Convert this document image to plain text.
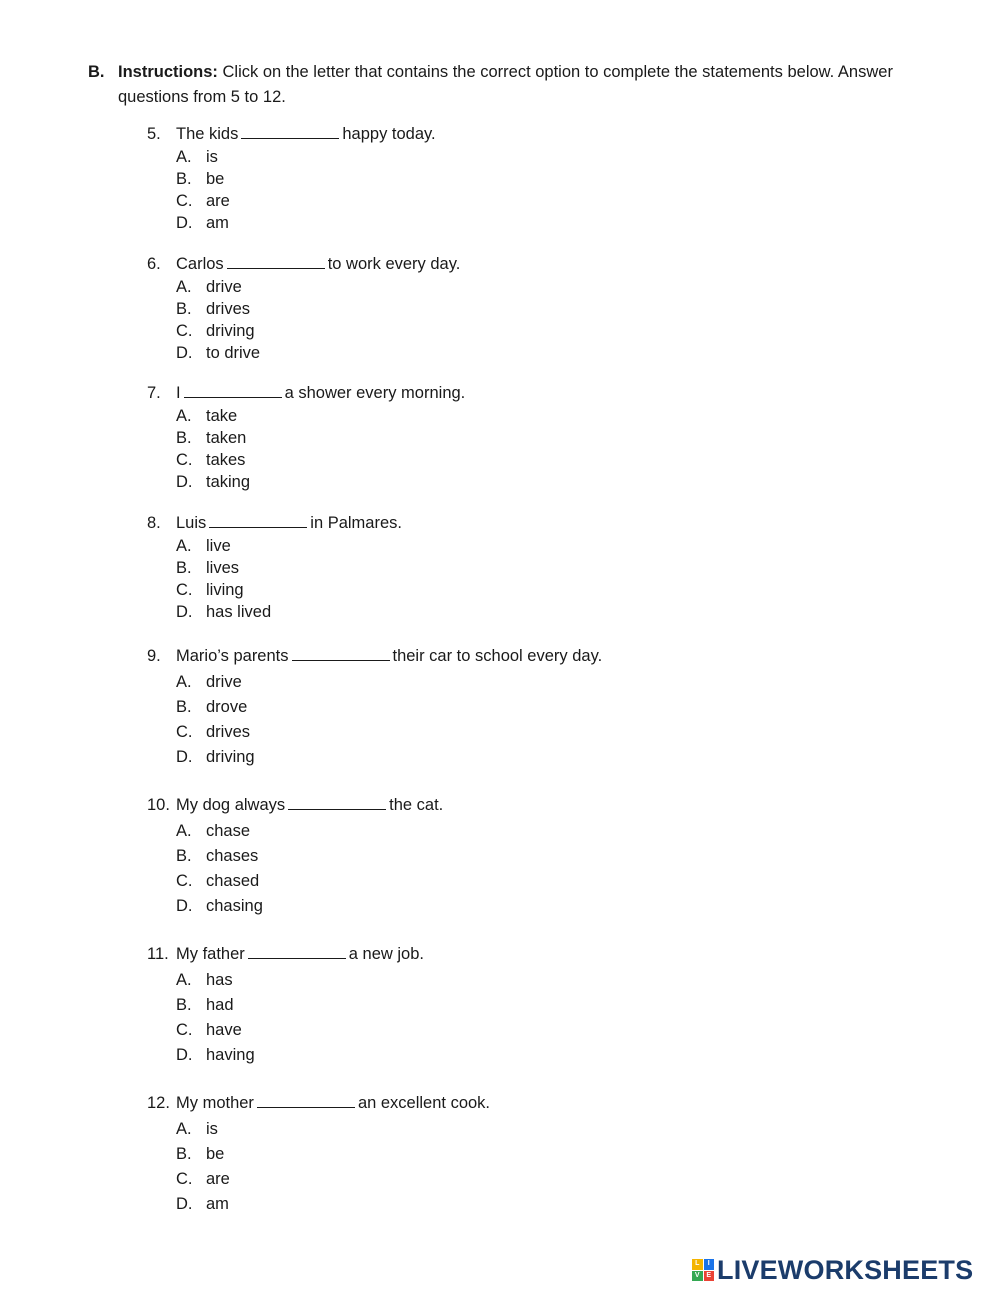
B. Instructions: Click on the letter that contains the correct option to complete the statements below. Answer questions from 5 to 12.
5. The kids	happy today.
A. is
B. be
C. are
D. am
6. Carlos	to work every day.
A. drive
B. drives
C. driving
D. to drive
7. I	a shower every morning.
A. take
B. taken
C. takes
D. taking
8. Luis	in Palmares.
A. live
B. lives
C. living
D. has lived
9. Mario’s parents	their car to school every day.
A. drive
B. drove
C. drives
D. driving
10. My dog always	the cat.
A. chase
B. chases
C. chased
D. chasing
11. My father	a new job.
A. has
B. had
C. have
D. having
12. My mother	an excellent cook.
A. is
B. be
C. are
D. am
L	I
V E LIVEWORKSHEETS
